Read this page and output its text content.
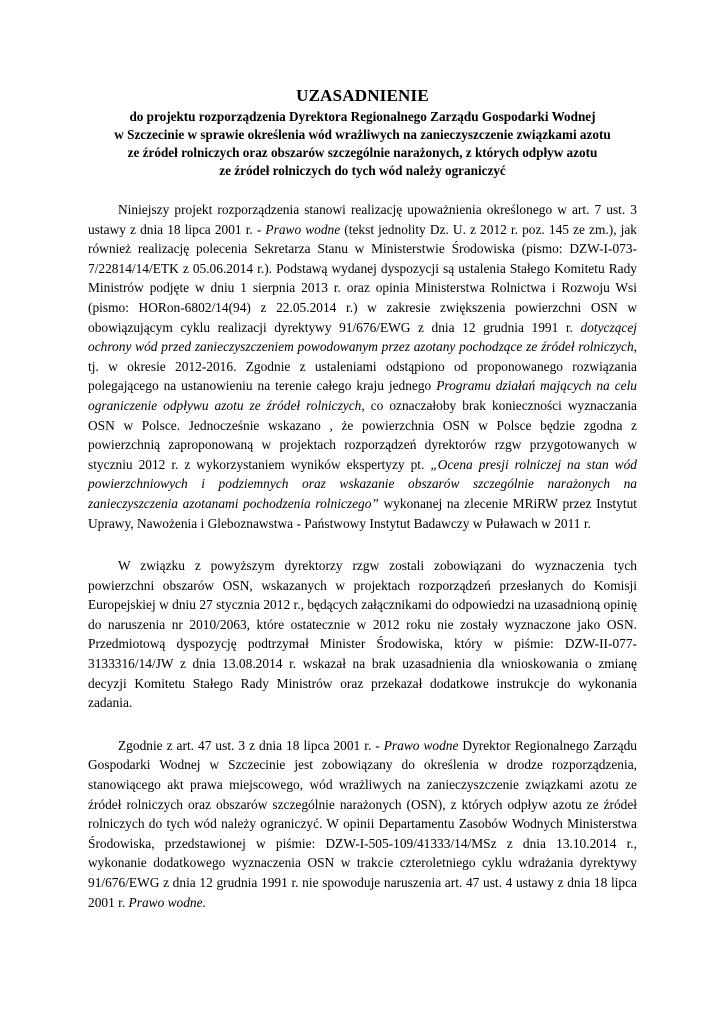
UZASADNIENIE
do projektu rozporządzenia Dyrektora Regionalnego Zarządu Gospodarki Wodnej
w Szczecinie w sprawie określenia wód wrażliwych na zanieczyszczenie związkami azotu
ze źródeł rolniczych oraz obszarów szczególnie narażonych, z których odpływ azotu
ze źródeł rolniczych do tych wód należy ograniczyć

Niniejszy projekt rozporządzenia stanowi realizację upoważnienia określonego w art. 7 ust. 3 ustawy z dnia 18 lipca 2001 r. - Prawo wodne (tekst jednolity Dz. U. z 2012 r. poz. 145 ze zm.), jak również realizację polecenia Sekretarza Stanu w Ministerstwie Środowiska (pismo: DZW-I-073-7/22814/14/ETK z 05.06.2014 r.). Podstawą wydanej dyspozycji są ustalenia Stałego Komitetu Rady Ministrów podjęte w dniu 1 sierpnia 2013 r. oraz opinia Ministerstwa Rolnictwa i Rozwoju Wsi (pismo: HORon-6802/14(94) z 22.05.2014 r.) w zakresie zwiększenia powierzchni OSN w obowiązującym cyklu realizacji dyrektywy 91/676/EWG z dnia 12 grudnia 1991 r. dotyczącej ochrony wód przed zanieczyszczeniem powodowanym przez azotany pochodzące ze źródeł rolniczych, tj. w okresie 2012-2016. Zgodnie z ustaleniami odstąpiono od proponowanego rozwiązania polegającego na ustanowieniu na terenie całego kraju jednego Programu działań mających na celu ograniczenie odpływu azotu ze źródeł rolniczych, co oznaczałoby brak konieczności wyznaczania OSN w Polsce. Jednocześnie wskazano , że powierzchnia OSN w Polsce będzie zgodna z powierzchnią zaproponowaną w projektach rozporządzeń dyrektorów rzgw przygotowanych w styczniu 2012 r. z wykorzystaniem wyników ekspertyzy pt. „Ocena presji rolniczej na stan wód powierzchniowych i podziemnych oraz wskazanie obszarów szczególnie narażonych na zanieczyszczenia azotanami pochodzenia rolniczego” wykonanej na zlecenie MRiRW przez Instytut Uprawy, Nawożenia i Gleboznawstwa - Państwowy Instytut Badawczy w Puławach w 2011 r.

W związku z powyższym dyrektorzy rzgw zostali zobowiązani do wyznaczenia tych powierzchni obszarów OSN, wskazanych w projektach rozporządzeń przesłanych do Komisji Europejskiej w dniu 27 stycznia 2012 r., będących załącznikami do odpowiedzi na uzasadnioną opinię do naruszenia nr 2010/2063, które ostatecznie w 2012 roku nie zostały wyznaczone jako OSN. Przedmiotową dyspozycję podtrzymał Minister Środowiska, który w piśmie: DZW-II-077-3133316/14/JW z dnia 13.08.2014 r. wskazał na brak uzasadnienia dla wnioskowania o zmianę decyzji Komitetu Stałego Rady Ministrów oraz przekazał dodatkowe instrukcje do wykonania zadania.

Zgodnie z art. 47 ust. 3 z dnia 18 lipca 2001 r. - Prawo wodne Dyrektor Regionalnego Zarządu Gospodarki Wodnej w Szczecinie jest zobowiązany do określenia w drodze rozporządzenia, stanowiącego akt prawa miejscowego, wód wrażliwych na zanieczyszczenie związkami azotu ze źródeł rolniczych oraz obszarów szczególnie narażonych (OSN), z których odpływ azotu ze źródeł rolniczych do tych wód należy ograniczyć. W opinii Departamentu Zasobów Wodnych Ministerstwa Środowiska, przedstawionej w piśmie: DZW-I-505-109/41333/14/MSz z dnia 13.10.2014 r., wykonanie dodatkowego wyznaczenia OSN w trakcie czteroletniego cyklu wdrażania dyrektywy 91/676/EWG z dnia 12 grudnia 1991 r. nie spowoduje naruszenia art. 47 ust. 4 ustawy z dnia 18 lipca 2001 r. Prawo wodne.
